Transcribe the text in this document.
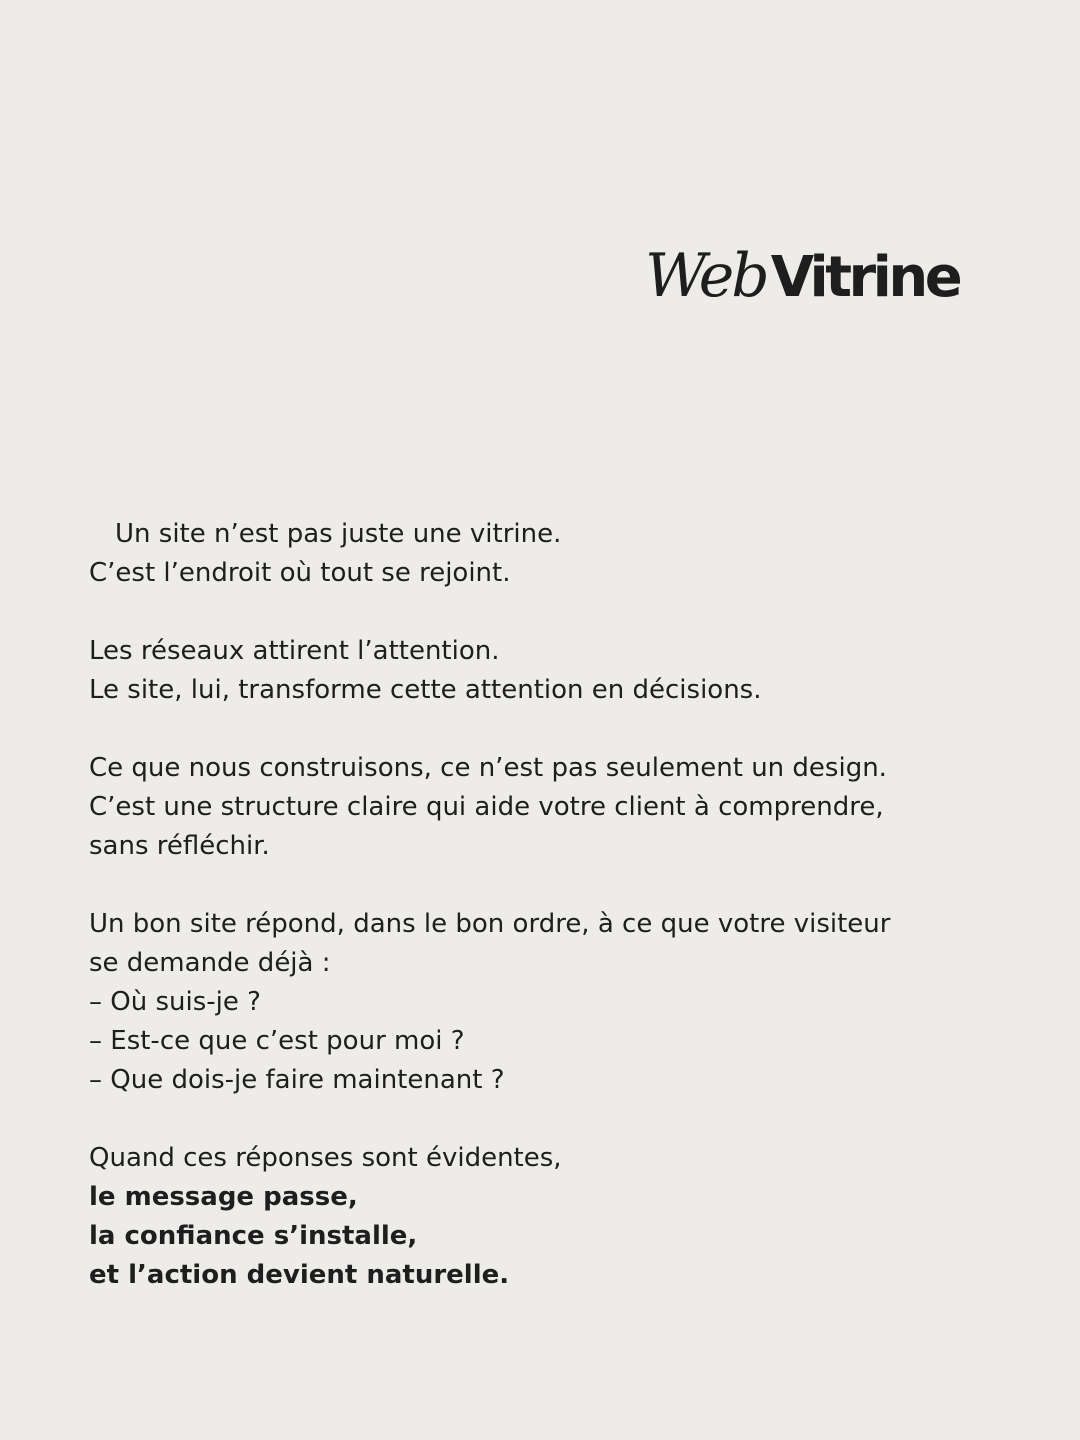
WebVitrine
Un site n’est pas juste une vitrine.
C’est l’endroit où tout se rejoint.
Les réseaux attirent l’attention.
Le site, lui, transforme cette attention en décisions.
Ce que nous construisons, ce n’est pas seulement un design.
C’est une structure claire qui aide votre client à comprendre,
sans réfléchir.
Un bon site répond, dans le bon ordre, à ce que votre visiteur
se demande déjà :
– Où suis-je ?
– Est-ce que c’est pour moi ?
– Que dois-je faire maintenant ?
Quand ces réponses sont évidentes,
le message passe,
la confiance s’installe,
et l’action devient naturelle.
